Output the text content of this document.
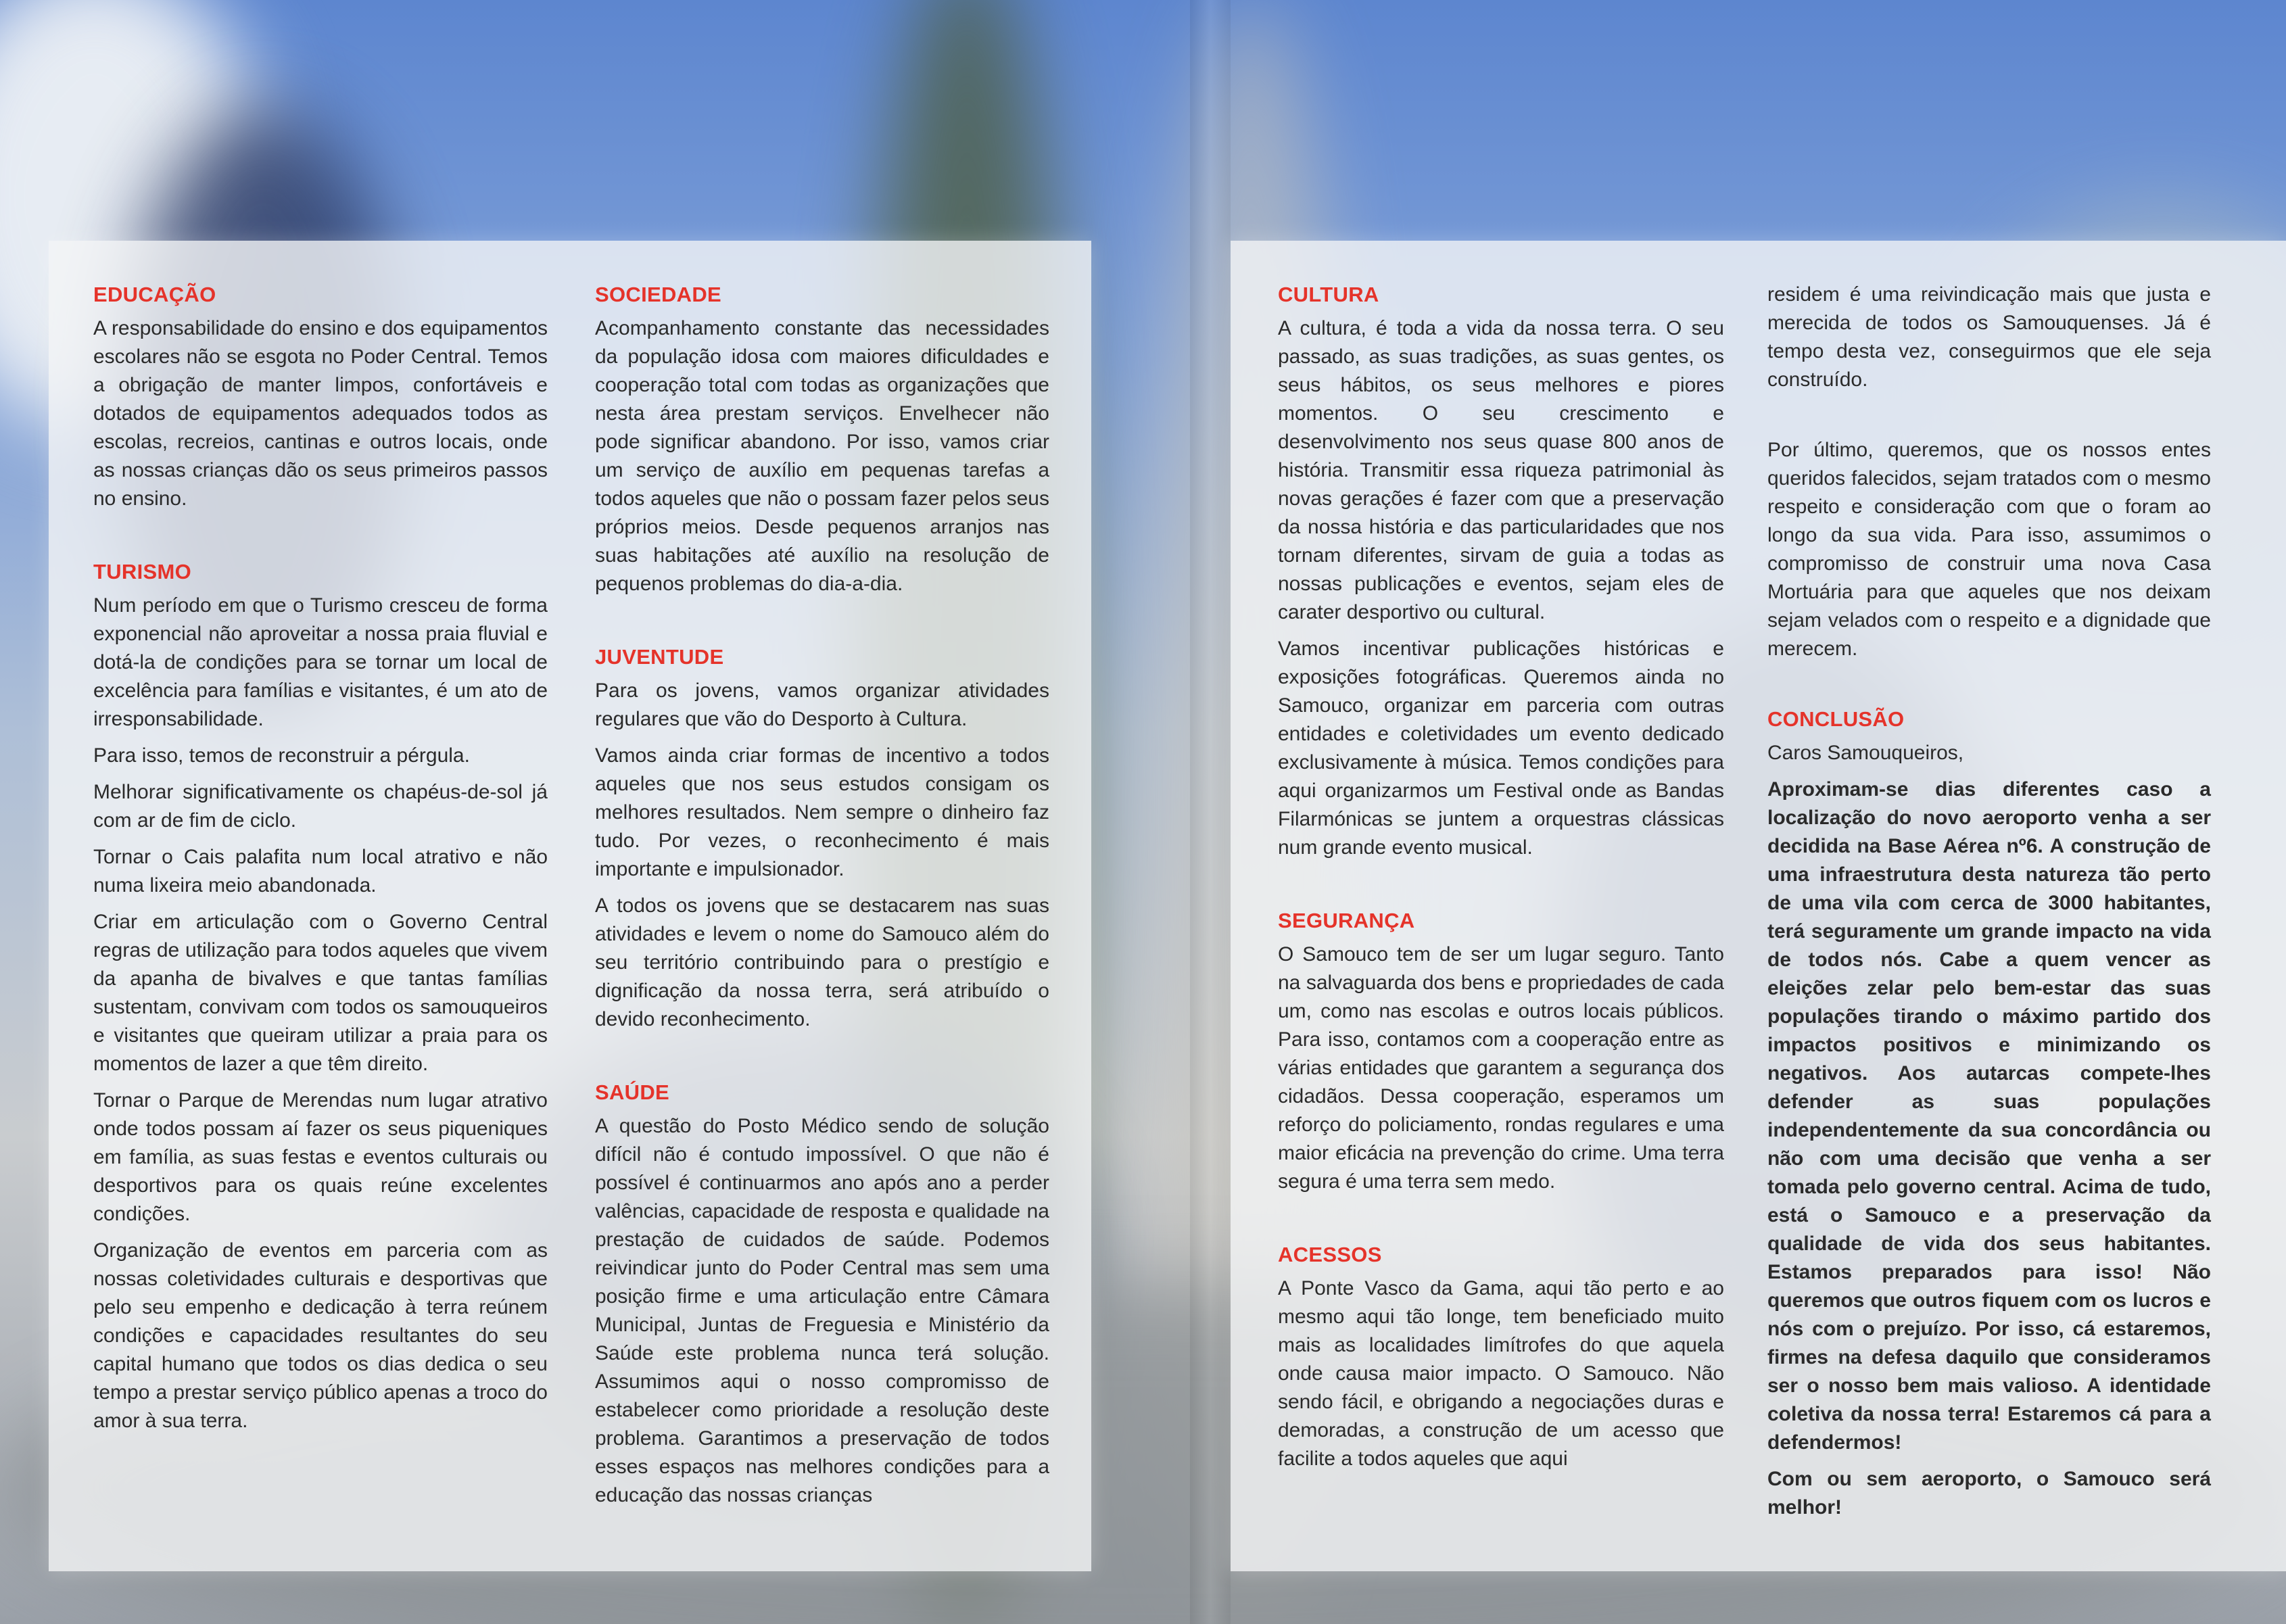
EDUCAÇÃO

A responsabilidade do ensino e dos equipamentos escolares não se esgota no Poder Central. Temos a obrigação de manter limpos, confortáveis e dotados de equipamentos adequados todos as escolas, recreios, cantinas e outros locais, onde as nossas crianças dão os seus primeiros passos no ensino.

TURISMO

Num período em que o Turismo cresceu de forma exponencial não aproveitar a nossa praia fluvial e dotá-la de condições para se tornar um local de excelência para famílias e visitantes, é um ato de irresponsabilidade.

Para isso, temos de reconstruir a pérgula.

Melhorar significativamente os chapéus-de-sol já com ar de fim de ciclo.

Tornar o Cais palafita num local atrativo e não numa lixeira meio abandonada.

Criar em articulação com o Governo Central regras de utilização para todos aqueles que vivem da apanha de bivalves e que tantas famílias sustentam, convivam com todos os samouqueiros e visitantes que queiram utilizar a praia para os momentos de lazer a que têm direito.

Tornar o Parque de Merendas num lugar atrativo onde todos possam aí fazer os seus piqueniques em família, as suas festas e eventos culturais ou desportivos para os quais reúne excelentes condições.

Organização de eventos em parceria com as nossas coletividades culturais e desportivas que pelo seu empenho e dedicação à terra reúnem condições e capacidades resultantes do seu capital humano que todos os dias dedica o seu tempo a prestar serviço público apenas a troco do amor à sua terra.

SOCIEDADE

Acompanhamento constante das necessidades da população idosa com maiores dificuldades e cooperação total com todas as organizações que nesta área prestam serviços. Envelhecer não pode significar abandono. Por isso, vamos criar um serviço de auxílio em pequenas tarefas a todos aqueles que não o possam fazer pelos seus próprios meios. Desde pequenos arranjos nas suas habitações até auxílio na resolução de pequenos problemas do dia-a-dia.

JUVENTUDE

Para os jovens, vamos organizar atividades regulares que vão do Desporto à Cultura.

Vamos ainda criar formas de incentivo a todos aqueles que nos seus estudos consigam os melhores resultados. Nem sempre o dinheiro faz tudo. Por vezes, o reconhecimento é mais importante e impulsionador.

A todos os jovens que se destacarem nas suas atividades e levem o nome do Samouco além do seu território contribuindo para o prestígio e dignificação da nossa terra, será atribuído o devido reconhecimento.

SAÚDE

A questão do Posto Médico sendo de solução difícil não é contudo impossível. O que não é possível é continuarmos ano após ano a perder valências, capacidade de resposta e qualidade na prestação de cuidados de saúde. Podemos reivindicar junto do Poder Central mas sem uma posição firme e uma articulação entre Câmara Municipal, Juntas de Freguesia e Ministério da Saúde este problema nunca terá solução. Assumimos aqui o nosso compromisso de estabelecer como prioridade a resolução deste problema. Garantimos a preservação de todos esses espaços nas melhores condições para a educação das nossas crianças

CULTURA

A cultura, é toda a vida da nossa terra. O seu passado, as suas tradições, as suas gentes, os seus hábitos, os seus melhores e piores momentos. O seu crescimento e desenvolvimento nos seus quase 800 anos de história. Transmitir essa riqueza patrimonial às novas gerações é fazer com que a preservação da nossa história e das particularidades que nos tornam diferentes, sirvam de guia a todas as nossas publicações e eventos, sejam eles de carater desportivo ou cultural.

Vamos incentivar publicações históricas e exposições fotográficas. Queremos ainda no Samouco, organizar em parceria com outras entidades e coletividades um evento dedicado exclusivamente à música. Temos condições para aqui organizarmos um Festival onde as Bandas Filarmónicas se juntem a orquestras clássicas num grande evento musical.

SEGURANÇA

O Samouco tem de ser um lugar seguro. Tanto na salvaguarda dos bens e propriedades de cada um, como nas escolas e outros locais públicos. Para isso, contamos com a cooperação entre as várias entidades que garantem a segurança dos cidadãos. Dessa cooperação, esperamos um reforço do policiamento, rondas regulares e uma maior eficácia na prevenção do crime. Uma terra segura é uma terra sem medo.

ACESSOS

A Ponte Vasco da Gama, aqui tão perto e ao mesmo aqui tão longe, tem beneficiado muito mais as localidades limítrofes do que aquela onde causa maior impacto. O Samouco. Não sendo fácil, e obrigando a negociações duras e demoradas, a construção de um acesso que facilite a todos aqueles que aqui

residem é uma reivindicação mais que justa e merecida de todos os Samouquenses. Já é tempo desta vez, conseguirmos que ele seja construído.

Por último, queremos, que os nossos entes queridos falecidos, sejam tratados com o mesmo respeito e consideração com que o foram ao longo da sua vida. Para isso, assumimos o compromisso de construir uma nova Casa Mortuária para que aqueles que nos deixam sejam velados com o respeito e a dignidade que merecem.

CONCLUSÃO

Caros Samouqueiros,

Aproximam-se dias diferentes caso a localização do novo aeroporto venha a ser decidida na Base Aérea nº6. A construção de uma infraestrutura desta natureza tão perto de uma vila com cerca de 3000 habitantes, terá seguramente um grande impacto na vida de todos nós. Cabe a quem vencer as eleições zelar pelo bem-estar das suas populações tirando o máximo partido dos impactos positivos e minimizando os negativos. Aos autarcas compete-lhes defender as suas populações independentemente da sua concordância ou não com uma decisão que venha a ser tomada pelo governo central. Acima de tudo, está o Samouco e a preservação da qualidade de vida dos seus habitantes. Estamos preparados para isso! Não queremos que outros fiquem com os lucros e nós com o prejuízo. Por isso, cá estaremos, firmes na defesa daquilo que consideramos ser o nosso bem mais valioso. A identidade coletiva da nossa terra! Estaremos cá para a defendermos!

Com ou sem aeroporto, o Samouco será melhor!
